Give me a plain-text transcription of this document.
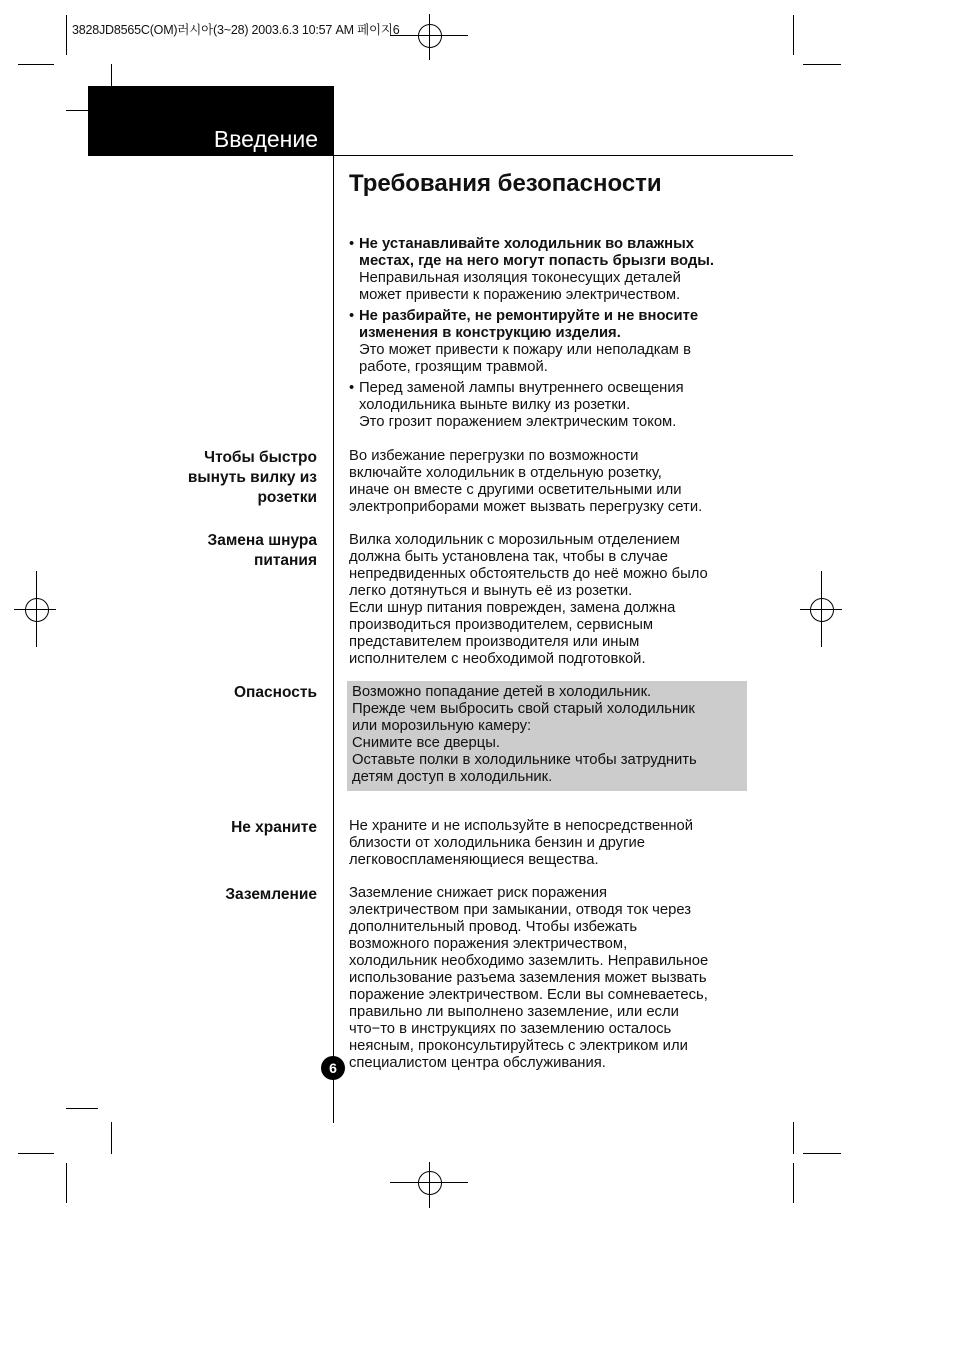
3828JD8565C(OM)러시아(3~28) 2003.6.3 10:57 AM 페이지6
Введение
Требования безопасности
• Не устанавливайте холодильник во влажных
местах, где на него могут попасть брызги воды.
Неправильная изоляция токонесущих деталей
может привести к поражению электричеством.
• Не разбирайте, не ремонтируйте и не вносите
изменения в конструкцию изделия.
Это может привести к пожару или неполадкам в
работе, грозящим травмой.
• Перед заменой лампы внутреннего освещения
холодильника выньте вилку из розетки.
Это грозит поражением электрическим током.
Чтобы быстро
вынуть вилку из
розетки
Во избежание перегрузки по возможности
включайте холодильник в отдельную розетку,
иначе он вместе с другими осветительными или
электроприборами может вызвать перегрузку сети.
Замена шнура
питания
Вилка холодильник с морозильным отделением
должна быть установлена так, чтобы в случае
непредвиденных обстоятельств до неё можно было
легко дотянуться и вынуть её из розетки.
Если шнур питания поврежден, замена должна
производиться производителем, сервисным
представителем производителя или иным
исполнителем с необходимой подготовкой.
Опасность Возможно попадание детей в холодильник.
Прежде чем выбросить свой старый холодильник
или морозильную камеру:
Снимите все дверцы.
Оставьте полки в холодильнике чтобы затруднить
детям доступ в холодильник.
Не храните Не храните и не используйте в непосредственной
близости от холодильника бензин и другие
легковоспламеняющиеся вещества.
Заземление Заземление снижает риск поражения
электричеством при замыкании, отводя ток через
дополнительный провод. Чтобы избежать
возможного поражения электричеством,
холодильник необходимо заземлить. Неправильное
использование разъема заземления может вызвать
поражение электричеством. Если вы сомневаетесь,
правильно ли выполнено заземление, или если
что−то в инструкциях по заземлению осталось
неясным, проконсультируйтесь с электриком или
специалистом центра обслуживания.
6
